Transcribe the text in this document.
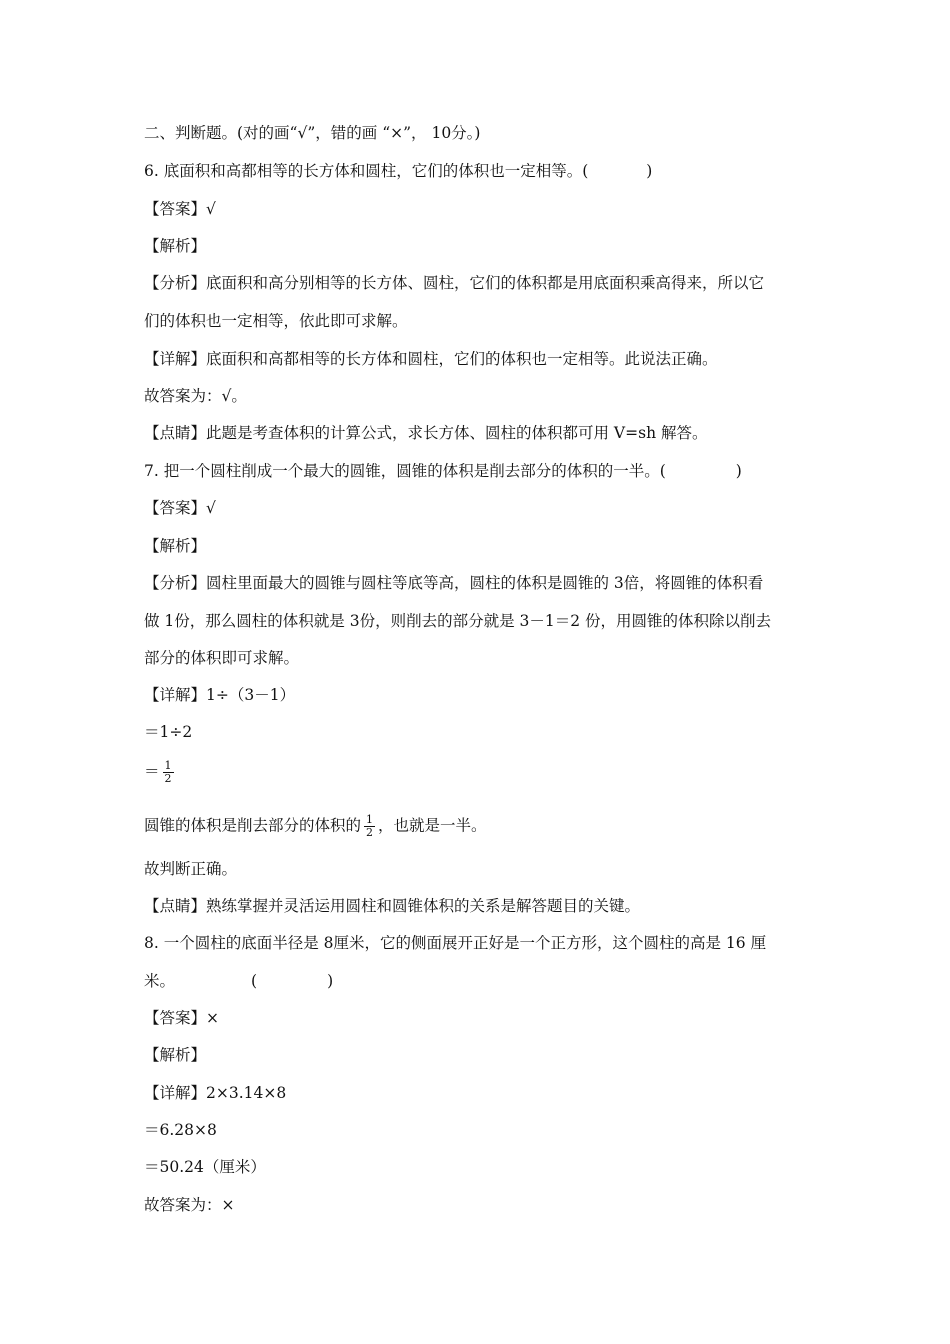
二、判断题。(对的画“√”，错的画 “×”， 10分。)
6. 底面积和高都相等的长方体和圆柱，它们的体积也一定相等。(	)
【答案】√
【解析】
【分析】底面积和高分别相等的长方体、圆柱，它们的体积都是用底面积乘高得来，所以它
们的体积也一定相等，依此即可求解。
【详解】底面积和高都相等的长方体和圆柱，它们的体积也一定相等。此说法正确。
故答案为：√。
【点睛】此题是考查体积的计算公式，求长方体、圆柱的体积都可用 V=sh 解答。
7. 把一个圆柱削成一个最大的圆锥，圆锥的体积是削去部分的体积的一半。(	)
【答案】√
【解析】
【分析】圆柱里面最大的圆锥与圆柱等底等高，圆柱的体积是圆锥的 3倍，将圆锥的体积看
做 1份，那么圆柱的体积就是 3份，则削去的部分就是 3－1＝2 份，用圆锥的体积除以削去
部分的体积即可求解。
【详解】1÷（3－1）
＝1÷2
＝ $\frac{1}{2}$
圆锥的体积是削去部分的体积的 $\frac{1}{2}$ ，也就是一半。
故判断正确。
【点睛】熟练掌握并灵活运用圆柱和圆锥体积的关系是解答题目的关键。
8. 一个圆柱的底面半径是 8厘米，它的侧面展开正好是一个正方形，这个圆柱的高是 16 厘
米。	(	)
【答案】×
【解析】
【详解】2×3.14×8
＝6.28×8
＝50.24（厘米）
故答案为：×
